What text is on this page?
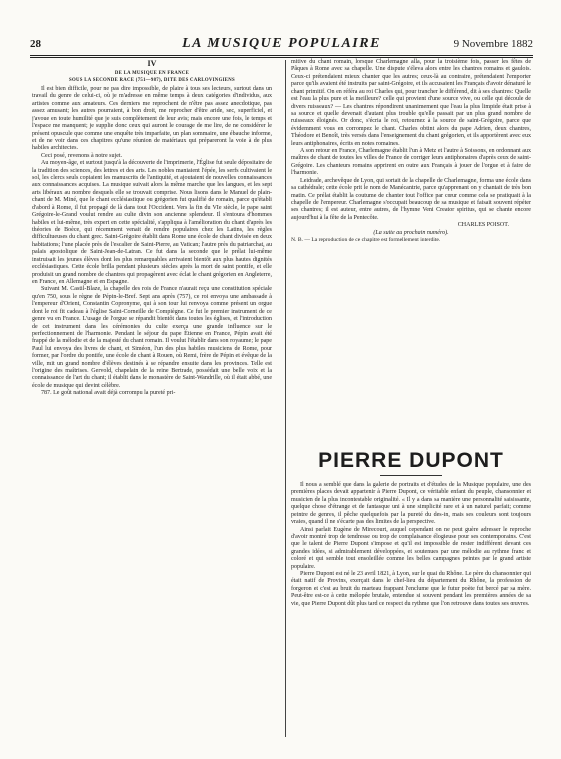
28	LA MUSIQUE POPULAIRE	9 Novembre 1882
IV
DE LA MUSIQUE EN FRANCE
SOUS LA SECONDE RACE (751—987), DITE DES CARLOVINGIENS

Il est bien difficile, pour ne pas dire impossible, de plaire à tous ses lecteurs, surtout dans un travail du genre de celui-ci, où je m'adresse en même temps à deux catégories d'individus, aux artistes comme aux amateurs. Ces derniers me reprochent de n'être pas assez anecdotique, pas assez amusant; les autres pourraient, à bon droit, me reprocher d'être aride, sec, superficiel, et j'avoue en toute humilité que je suis complètement de leur avis; mais encore une fois, le temps et l'espace me manquent; je supplie donc ceux qui auront le courage de me lire, de ne considérer le présent opuscule que comme une enquête très imparfaite, un plan sommaire, une ébauche informe, et de ne voir dans ces chapitres qu'une réunion de matériaux qui prépareront la voie à de plus habiles architectes.

Ceci posé, revenons à notre sujet.

Au moyen-âge, et surtout jusqu'à la découverte de l'imprimerie, l'Église fut seule dépositaire de la tradition des sciences, des lettres et des arts. Les nobles maniaient l'épée, les serfs cultivaient le sol, les clercs seuls copiaient les manuscrits de l'antiquité, et ajoutaient de nouvelles connaissances aux connaissances acquises. La musique suivait alors la même marche que les langues, et les sept arts libéraux au nombre desquels elle se trouvait comprise. Nous lisons dans le Manuel de plain-chant de M. Miné, que le chant ecclésiastique ou grégorien fut qualifié de romain, parce qu'établi d'abord à Rome, il fut propagé de là dans tout l'Occident. Vers la fin du VIe siècle, le pape saint Grégoire-le-Grand voulut rendre au culte divin son ancienne splendeur. Il s'entoura d'hommes habiles et lui-même, très expert en cette spécialité, s'appliqua à l'amélioration du chant d'après les théories de Boèce, qui récemment venait de rendre populaires chez les Latins, les règles difficultueuses du chant grec. Saint-Grégoire établit dans Rome une école de chant divisée en deux habitations; l'une placée près de l'escalier de Saint-Pierre, au Vatican; l'autre près du patriarchat, au palais apostolique de Saint-Jean-de-Latran. Ce fut dans la seconde que le prélat lui-même instruisait les jeunes élèves dont les plus remarquables arrivaient bientôt aux plus hautes dignités ecclésiastiques. Cette école brilla pendant plusieurs siècles après la mort de saint pontife, et elle produisit un grand nombre de chantres qui propagèrent avec éclat le chant grégorien en Angleterre, en France, en Allemagne et en Espagne.

Suivant M. Castil-Blaze, la chapelle des rois de France n'aurait reçu une constitution spéciale qu'en 750, sous le règne de Pépin-le-Bref. Sept ans après (757), ce roi envoya une ambassade à l'empereur d'Orient, Constantin Copronyme, qui à son tour lui renvoya comme présent un orgue dont le roi fit cadeau à l'église Saint-Corneille de Compiègne. Ce fut le premier instrument de ce genre vu en France. L'usage de l'orgue se répandit bientôt dans toutes les églises, et l'introduction de cet instrument dans les cérémonies du culte exerça une grande influence sur le perfectionnement de l'harmonie. Pendant le séjour du pape Étienne en France, Pépin avait été frappé de la mélodie et de la majesté du chant romain. Il voulut l'établir dans son royaume; le pape Paul lui envoya des livres de chant, et Siméon, l'un des plus habiles musiciens de Rome, pour former, par l'ordre du pontife, une école de chant à Rouen, où Remi, frère de Pépin et évêque de la ville, mit un grand nombre d'élèves destinés à se répandre ensuite dans les provinces. Telle est l'origine des maîtrises. Gervold, chapelain de la reine Bertrade, possédait une belle voix et la connaissance de l'art du chant; il établit dans le monastère de Saint-Wandrille, où il était abbé, une école de musique qui devint célèbre.

787. Le goût national avait déjà corrompu la pureté pri-

mitive du chant romain, lorsque Charlemagne alla, pour la troisième fois, passer les fêtes de Pâques à Rome avec sa chapelle. Une dispute s'éleva alors entre les chantres romains et gaulois. Ceux-ci prétendaient mieux chanter que les autres; ceux-là au contraire, prétendaient l'emporter parce qu'ils avaient été instruits par saint-Grégoire, et ils accusaient les Français d'avoir dénaturé le chant primitif. On en référa au roi Charles qui, pour trancher le différend, dit à ses chantres: Quelle est l'eau la plus pure et la meilleure? celle qui provient d'une source vive, ou celle qui découle de divers ruisseaux? — Les chantres répondirent unanimement que l'eau la plus limpide était prise à sa source et quelle devenait d'autant plus trouble qu'elle passait par un plus grand nombre de ruisseaux éloignés. Or donc, s'écria le roi, retournez à la source de saint-Grégoire, parce que évidemment vous en corrompez le chant. Charles obtint alors du pape Adrien, deux chantres, Théodore et Benoît, très versés dans l'enseignement du chant grégorien, et ils apportèrent avec eux leurs antiphonaires, écrits en notes romaines.

A son retour en France, Charlemagne établit l'un à Metz et l'autre à Soissons, en ordonnant aux maîtres de chant de toutes les villes de France de corriger leurs antiphonaires d'après ceux de saint-Grégoire. Les chanteurs romains apprirent en outre aux Français à jouer de l'orgue et à faire de l'harmonie.

Leidrade, archevêque de Lyon, qui sortait de la chapelle de Charlemagne, forma une école dans sa cathédrale; cette école prit le nom de Manécantrie, parce qu'apprenant on y chantait de très bon matin. Ce prélat établit la coutume de chanter tout l'office par cœur comme cela se pratiquait à la chapelle de l'empereur. Charlemagne s'occupait beaucoup de sa musique et faisait souvent répéter ses chantres; il est auteur, entre autres, de l'hymne Veni Creator spiritus, qui se chante encore aujourd'hui à la fête de la Pentecôte.

CHARLES POISOT.
(La suite au prochain numéro).
N. B. — La reproduction de ce chapitre est formellement interdite.
PIERRE DUPONT

Il nous a semblé que dans la galerie de portraits et d'études de la Musique populaire, une des premières places devait appartenir à Pierre Dupont, ce véritable enfant du peuple, chansonnier et musicien de la plus incontestable originalité. « Il y a dans sa manière une personnalité saisissante, quelque chose d'étrange et de fantasque uni à une simplicité rare et à un naturel parfait; comme peintre de genres, il pêche quelquefois par la pureté du des-in, mais ses couleurs sont toujours vraies, quand il ne s'écarte pas des limites de la perspective.

Ainsi parlait Eugène de Mirecourt, auquel cependant on ne peut guère adresser le reproche d'avoir montré trop de tendresse ou trop de complaisance élogieuse pour ses contemporains. C'est que le talent de Pierre Dupont s'impose et qu'il est impossible de rester indifférent devant ces grandes idées, si admirablement développées, et soutenues par une mélodie au rythme franc et coloré et qui semble tout ensoleillée comme les belles campagnes peintes par le grand artiste populaire.

Pierre Dupont est né le 23 avril 1821, à Lyon, sur le quai du Rhône. Le père du chansonnier qui était natif de Provins, exerçait dans le chef-lieu du département du Rhône, la profession de forgeron et c'est au bruit du marteau frappant l'enclume que le futur poète fut bercé par sa mère. Peut-être est-ce à cette mélopée brutale, entendue si souvent pendant les premières années de sa vie, que Pierre Dupont dût plus tard ce respect du rythme que l'on retrouve dans toutes ses œuvres.
